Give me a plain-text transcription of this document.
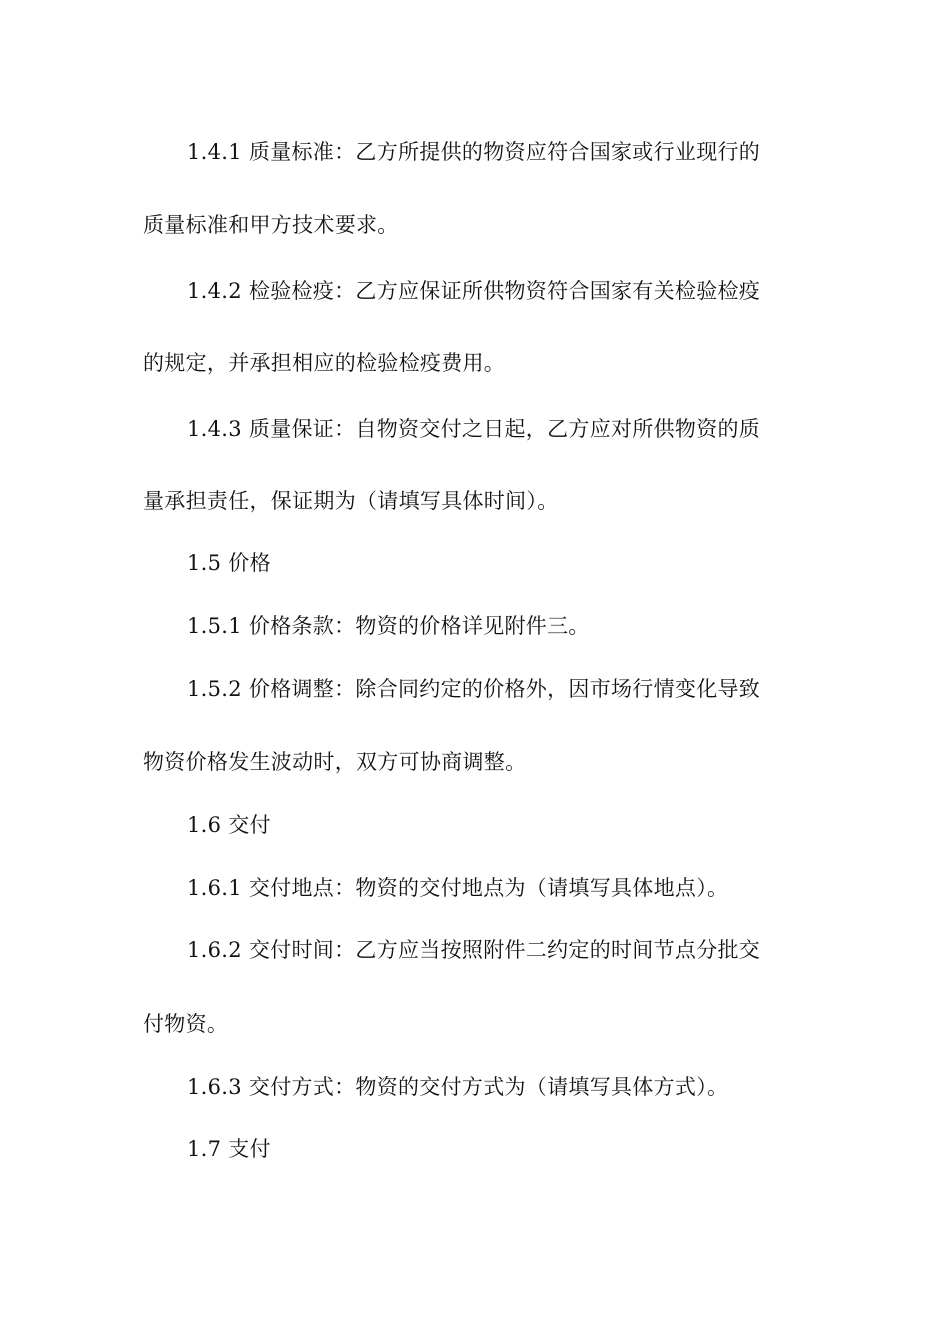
1.4.1 质量标准：乙方所提供的物资应符合国家或行业现行的
质量标准和甲方技术要求。
1.4.2 检验检疫：乙方应保证所供物资符合国家有关检验检疫
的规定，并承担相应的检验检疫费用。
1.4.3 质量保证：自物资交付之日起，乙方应对所供物资的质
量承担责任，保证期为（请填写具体时间）。
1.5 价格
1.5.1 价格条款：物资的价格详见附件三。
1.5.2 价格调整：除合同约定的价格外，因市场行情变化导致
物资价格发生波动时，双方可协商调整。
1.6 交付
1.6.1 交付地点：物资的交付地点为（请填写具体地点）。
1.6.2 交付时间：乙方应当按照附件二约定的时间节点分批交
付物资。
1.6.3 交付方式：物资的交付方式为（请填写具体方式）。
1.7 支付
